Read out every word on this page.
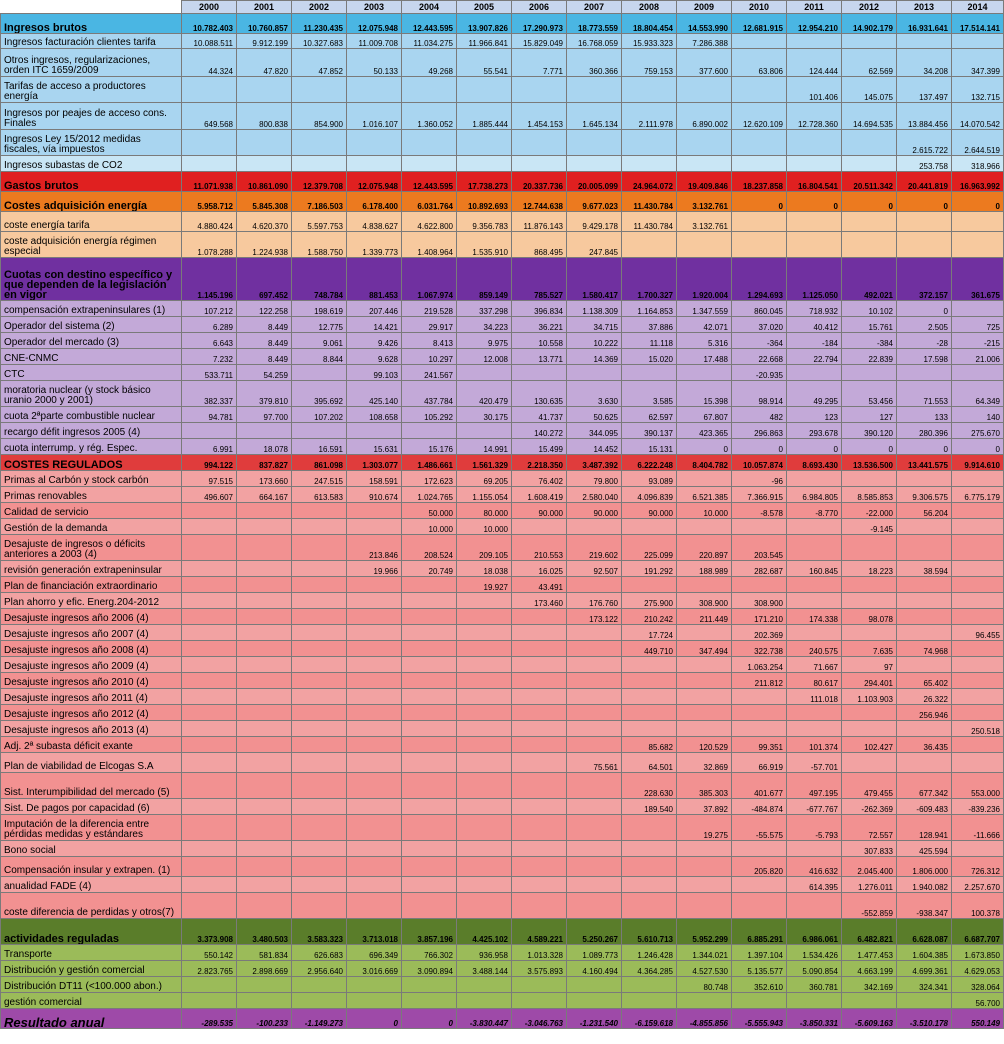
	2000	2001	2002	2003	2004	2005	2006	2007	2008	2009	2010	2011	2012	2013	2014
Ingresos brutos	10.782.403	10.760.857	11.230.435	12.075.948	12.443.595	13.907.826	17.290.973	18.773.559	18.804.454	14.553.990	12.681.915	12.954.210	14.902.179	16.931.641	17.514.141
Ingresos facturación clientes tarifa	10.088.511	9.912.199	10.327.683	11.009.708	11.034.275	11.966.841	15.829.049	16.768.059	15.933.323	7.286.388					
Otros ingresos, regularizaciones, orden ITC 1659/2009	44.324	47.820	47.852	50.133	49.268	55.541	7.771	360.366	759.153	377.600	63.806	124.444	62.569	34.208	347.399
Tarifas de acceso a productores energía												101.406	145.075	137.497	132.715
Ingresos por peajes de acceso cons. Finales	649.568	800.838	854.900	1.016.107	1.360.052	1.885.444	1.454.153	1.645.134	2.111.978	6.890.002	12.620.109	12.728.360	14.694.535	13.884.456	14.070.542
Ingresos Ley 15/2012 medidas fiscales, vía impuestos														2.615.722	2.644.519
Ingresos subastas de CO2														253.758	318.966
Gastos brutos	11.071.938	10.861.090	12.379.708	12.075.948	12.443.595	17.738.273	20.337.736	20.005.099	24.964.072	19.409.846	18.237.858	16.804.541	20.511.342	20.441.819	16.963.992
Costes adquisición energía	5.958.712	5.845.308	7.186.503	6.178.400	6.031.764	10.892.693	12.744.638	9.677.023	11.430.784	3.132.761	0	0	0	0	0
coste energía tarifa	4.880.424	4.620.370	5.597.753	4.838.627	4.622.800	9.356.783	11.876.143	9.429.178	11.430.784	3.132.761					
coste adquisición energía régimen especial	1.078.288	1.224.938	1.588.750	1.339.773	1.408.964	1.535.910	868.495	247.845							
Cuotas con destino específico y que dependen de la legislación en vigor	1.145.196	697.452	748.784	881.453	1.067.974	859.149	785.527	1.580.417	1.700.327	1.920.004	1.294.693	1.125.050	492.021	372.157	361.675
compensación extrapeninsulares (1)	107.212	122.258	198.619	207.446	219.528	337.298	396.834	1.138.309	1.164.853	1.347.559	860.045	718.932	10.102	0	
Operador del sistema (2)	6.289	8.449	12.775	14.421	29.917	34.223	36.221	34.715	37.886	42.071	37.020	40.412	15.761	2.505	725
Operador del mercado (3)	6.643	8.449	9.061	9.426	8.413	9.975	10.558	10.222	11.118	5.316	-364	-184	-384	-28	-215
CNE-CNMC	7.232	8.449	8.844	9.628	10.297	12.008	13.771	14.369	15.020	17.488	22.668	22.794	22.839	17.598	21.006
CTC	533.711	54.259		99.103	241.567						-20.935				
moratoria nuclear (y stock básico uranio 2000 y 2001)	382.337	379.810	395.692	425.140	437.784	420.479	130.635	3.630	3.585	15.398	98.914	49.295	53.456	71.553	64.349
cuota 2ªparte combustible nuclear	94.781	97.700	107.202	108.658	105.292	30.175	41.737	50.625	62.597	67.807	482	123	127	133	140
recargo défit ingresos 2005 (4)							140.272	344.095	390.137	423.365	296.863	293.678	390.120	280.396	275.670
cuota interrump. y rég. Espec.	6.991	18.078	16.591	15.631	15.176	14.991	15.499	14.452	15.131	0	0	0	0	0	0
COSTES REGULADOS	994.122	837.827	861.098	1.303.077	1.486.661	1.561.329	2.218.350	3.487.392	6.222.248	8.404.782	10.057.874	8.693.430	13.536.500	13.441.575	9.914.610
Primas al Carbón y stock carbón	97.515	173.660	247.515	158.591	172.623	69.205	76.402	79.800	93.089		-96				
Primas renovables	496.607	664.167	613.583	910.674	1.024.765	1.155.054	1.608.419	2.580.040	4.096.839	6.521.385	7.366.915	6.984.805	8.585.853	9.306.575	6.775.179
Calidad de servicio					50.000	80.000	90.000	90.000	90.000	10.000	-8.578	-8.770	-22.000	56.204	
Gestión de la demanda					10.000	10.000							-9.145		
Desajuste de ingresos o déficits anteriores a 2003 (4)				213.846	208.524	209.105	210.553	219.602	225.099	220.897	203.545				
revisión generación extrapeninsular				19.966	20.749	18.038	16.025	92.507	191.292	188.989	282.687	160.845	18.223	38.594	
Plan de financiación extraordinario						19.927	43.491								
Plan ahorro y efic. Energ.204-2012							173.460	176.760	275.900	308.900	308.900				
Desajuste ingresos año 2006 (4)								173.122	210.242	211.449	171.210	174.338	98.078		
Desajuste ingresos año 2007 (4)									17.724		202.369				96.455
Desajuste ingresos año 2008 (4)									449.710	347.494	322.738	240.575	7.635	74.968	
Desajuste ingresos año 2009 (4)											1.063.254	71.667	97		
Desajuste ingresos año 2010 (4)											211.812	80.617	294.401	65.402	
Desajuste ingresos año 2011 (4)												111.018	1.103.903	26.322	
Desajuste ingresos año 2012 (4)														256.946	
Desajuste ingresos año 2013 (4)															250.518
Adj. 2ª subasta déficit exante									85.682	120.529	99.351	101.374	102.427	36.435	
Plan de viabilidad de Elcogas S.A								75.561	64.501	32.869	66.919	-57.701			
Sist. Interumpibilidad del mercado (5)									228.630	385.303	401.677	497.195	479.455	677.342	553.000
Sist. De pagos por capacidad (6)									189.540	37.892	-484.874	-677.767	-262.369	-609.483	-839.236
Imputación de la diferencia entre pérdidas medidas y estándares										19.275	-55.575	-5.793	72.557	128.941	-11.666
Bono social													307.833	425.594	
Compensación insular y extrapen. (1)											205.820	416.632	2.045.400	1.806.000	726.312
anualidad FADE (4)												614.395	1.276.011	1.940.082	2.257.670
coste diferencia de perdidas y otros(7)													-552.859	-938.347	100.378
actividades reguladas	3.373.908	3.480.503	3.583.323	3.713.018	3.857.196	4.425.102	4.589.221	5.250.267	5.610.713	5.952.299	6.885.291	6.986.061	6.482.821	6.628.087	6.687.707
Transporte	550.142	581.834	626.683	696.349	766.302	936.958	1.013.328	1.089.773	1.246.428	1.344.021	1.397.104	1.534.426	1.477.453	1.604.385	1.673.850
Distribución y gestión comercial	2.823.765	2.898.669	2.956.640	3.016.669	3.090.894	3.488.144	3.575.893	4.160.494	4.364.285	4.527.530	5.135.577	5.090.854	4.663.199	4.699.361	4.629.053
Distribución DT11 (<100.000 abon.)										80.748	352.610	360.781	342.169	324.341	328.064
gestión comercial															56.700
Resultado anual	-289.535	-100.233	-1.149.273	0	0	-3.830.447	-3.046.763	-1.231.540	-6.159.618	-4.855.856	-5.555.943	-3.850.331	-5.609.163	-3.510.178	550.149
